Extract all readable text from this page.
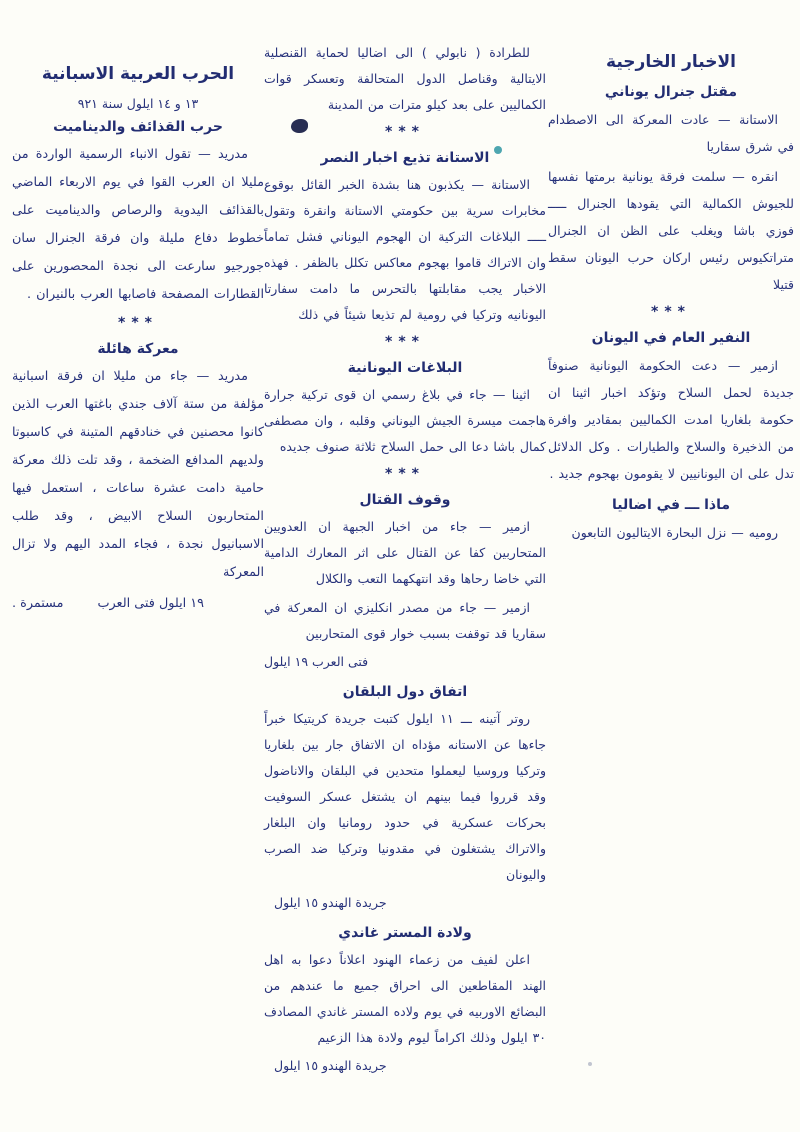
الاخبار الخارجية
مقتل جنرال يوناني

الاستانة — عادت المعركة الى الاصطدام في شرق سقاريا

انقره — سلمت فرقة يونانية برمتها نفسها للجيوش الكمالية التي يقودها الجنرال ـــــ فوزي باشا ويغلب على الظن ان الجنرال متراتكيوس رئيس اركان حرب اليونان سقط قتيلا

***
النفير العام في اليونان

ازمير — دعت الحكومة اليونانية صنوفاً جديدة لحمل السلاح وتؤكد اخبار اثينا ان حكومة بلغاريا امدت الكماليين بمقادير وافرة من الذخيرة والسلاح والطيارات . وكل الدلائل تدل على ان اليونانيين لا يقومون بهجوم جديد .

ماذا ـــ في اضاليا

روميه — نزل البحارة الايتاليون التابعون

للطرادة ( نابولي ) الى اضاليا لحماية القنصلية الايتالية وقناصل الدول المتحالفة وتعسكر قوات الكماليين على بعد كيلو مترات من المدينة

***
الاستانة تذيع اخبار النصر

الاستانة — يكذبون هنا بشدة الخبر القائل بوقوع مخابرات سرية بين حكومتي الاستانة وانقرة وتقول ـــــ البلاغات التركية ان الهجوم اليوناني فشل تماماً وان الاتراك قاموا بهجوم معاكس تكلل بالظفر . فهذه الاخبار يجب مقابلتها بالتحرس ما دامت سفارتا اليونانيه وتركيا في رومية لم تذيعا شيئاً في ذلك

***
البلاغات اليونانية

اثينا — جاء في بلاغ رسمي ان قوى تركية جرارة هاجمت ميسرة الجيش اليوناني وقلبه ، وان مصطفى كمال باشا دعا الى حمل السلاح ثلاثة صنوف جديده

***
وقوف القتال

ازمير — جاء من اخبار الجبهة ان العدويين المتحاربين كفا عن القتال على اثر المعارك الدامية التي خاضا رحاها وقد انتهكهما التعب والكلال

ازمير — جاء من مصدر انكليزي ان المعركة في سقاريا قد توقفت بسبب خوار قوى المتحاربين

فتى العرب ١٩ ايلول
اتفاق دول البلقان

روتر آتينه ـــ ١١ ايلول كتبت جريدة كريتيكا خبراً جاءها عن الاستانه مؤداه ان الاتفاق جار بين بلغاريا وتركيا وروسيا ليعملوا متحدين في البلقان والاناضول وقد قرروا فيما بينهم ان يشتغل عسكر السوفيت بحركات عسكرية في حدود رومانيا وان البلغار والاتراك يشتغلون في مقدونيا وتركيا ضد الصرب واليونان

جريدة الهندو ١٥ ايلول
ولادة المستر غاندي

اعلن لفيف من زعماء الهنود اعلاناً دعوا به اهل الهند المقاطعين الى احراق جميع ما عندهم من البضائع الاوربيه في يوم ولاده المستر غاندي المصادف ٣٠ ايلول وذلك اكراماً ليوم ولادة هذا الزعيم

جريدة الهندو ١٥ ايلول
الحرب العربية الاسبانية
١٣ و ١٤ ايلول سنة ٩٢١
حرب القذائف والديناميت

مدريد — تقول الانباء الرسمية الواردة من مليلا ان العرب القوا في يوم الاربعاء الماضي بالقذائف اليدوية والرصاص والديناميت على خطوط دفاع مليلة وان فرقة الجنرال سان جورجيو سارعت الى نجدة المحصورين على القطارات المصفحة فاصابها العرب بالنيران .

***
معركة هائلة

مدريد — جاء من مليلا ان فرقة اسبانية مؤلفة من ستة آلاف جندي باغتها العرب الذين كانوا محصنين في خنادقهم المتينة في كاسبوتا ولديهم المدافع الضخمة ، وقد تلت ذلك معركة حامية دامت عشرة ساعات ، استعمل فيها المتحاربون السلاح الابيض ، وقد طلب الاسبانيول نجدة ، فجاء المدد اليهم ولا تزال المعركة

مستمرة .	١٩ ايلول فتى العرب
